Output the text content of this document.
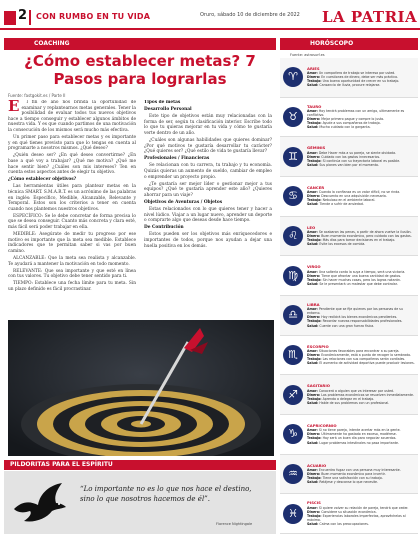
2 CON RUMBO EN TU VIDA	Oruro, sábado 10 de diciembre de 2022 LA PATRIA
COACHING	HORÓSCOPO
¿Cómo establecer metas? 7 Pasos para lograrlas
Fuente: fastgokit.es / Parte II
E	l fin de año nos brinda la oportunidad de examinar y replantearnos metas generales. Tener la posibilidad de evaluar todos tus nuevos objetivos hace a tiempo conseguir y establecer algunos ámbitos de nuestra vida. Y es que cuando partimos de una motivación la consecución de los mismos será mucho más efectiva.

Un primer paso para establecer metas y es importante y en qué tienes previsto para que lo tengas en cuenta al programarte a nosotros mismos. ¿Qué deseo?

¿Quién deseo ser? ¿En qué deseo convertirme? ¿En base a qué voy a trabajar? ¿Qué me motiva? ¿Qué me hace sentir bien? ¿Cuáles son mis intereses? Ten en cuenta estos aspectos antes de elegir tu objetivo.

¿Cómo establecer objetivos?

Las herramientas útiles para plantear metas en la técnica SMART. S.M.A.R.T. es un acrónimo de las palabras en inglés: Específico, Medible, Alcanzable, Relevante y Temporal. Estos son los criterios a tener en cuenta cuando nos plantemos nuestros objetivos.

ESPECÍFICO: Se le debe concretar de forma precisa lo que se desea conseguir. Cuanto más concreta y clara esté, más fácil será poder trabajar en ella.

MEDIBLE: Asegúrate de medir tu progreso por ese motivo es importante que la meta sea medible. Establece indicadores que te permitan saber si vas por buen camino.

ALCANZABLE: Que la meta sea realista y alcanzable. Te ayudará a mantener la motivación en todo momento.

RELEVANTE: Que sea importante y que esté en línea con tus valores. Tu objetivo debe tener sentido para ti.

TIEMPO: Establece una fecha límite para tu meta. Sin un plazo definido es fácil procrastinar.

Tipos de metas

Desarrollo Personal

Este tipo de objetivos están muy relacionadas con la forma de ser, según tu clasificación interior. Escribe todo lo que tu quieras mejorar en tu vida y cómo te gustaría verte dentro de un año.

¿Cuáles son algunas habilidades que quieres dominar? ¿Por qué motivos te gustaría desarrollar tu carácter? ¿Qué quieres ser? ¿Qué estilo de vida te gustaría llevar?

Profesionales / Financieras

Se relacionan con tu carrera, tu trabajo y tu economía. Quizás quieras un aumento de sueldo, cambiar de empleo o emprender un proyecto propio.

¿Te gustaría ser mejor líder o gestionar mejor a tus equipos? ¿Qué te gustaría aprender este año? ¿Quieres ahorrar para un viaje?

Objetivos de Aventuras / Objetos

Estas relacionados con lo que quieres tener y hacer a nivel lúdico. Viajar a un lugar nuevo, aprender un deporte o comprarte algo que deseas desde hace tiempo.

De Contribución

Estos pueden ser los objetivos más enriquecedores e importantes de todos, porque nos ayudan a dejar una huella positiva en los demás.

PILDORITAS PARA EL ESPÍRITU
“Lo importante no es lo que nos hace el destino, sino lo que nosotros hacemos de él”.
Florence Nightingale
Fuente: astrosurf.es
♈
ARIES
Amor: Un compañero de trabajo se interesa por usted.
Dinero: En cuestiones de dinero, debe ser más práctico.
Trabajo: Una buena oportunidad de crecer en su trabajo.
Salud: Cansancio de lluvia, procure relajarse.
♉
TAURO
Amor: Hoy tendrá problemas con un amigo, ultimamente es conflictivo.
Dinero: Mejor primero pague y compre lo justo.
Trabajo: Ayude a sus compañeros de trabajo.
Salud: Mucho cuidado con la garganta.
♊
GÉMINIS
Amor: Debe Hacer más a su pareja, se siente olvidada.
Dinero: Cuidado con los gastos innecesarios.
Trabajo: Si continúa con su trayectoria laboral es posible.
Salud: Sus planes van bien por el momento.
♋
CÁNCER
Amor: Cuando la confianza es un valor difícil, no se rinda.
Dinero: Descuento en una adquisición necesaria.
Trabajo: Nebuloso en el ambiente laboral.
Salud: Tiende a sufrir de ansiedad.
♌
LEO
Amor: Se acabaron las penas, a partir de ahora vuelve la ilusión.
Dinero: Buen momento económico, pero cuidado con los gastos.
Trabajo: Más días para tomar decisiones en el trabajo.
Salud: Evite los excesos de comida.
♍
VIRGO
Amor: Una soltería conta la suya a tiempo, será una victoria.
Dinero: Tiene que afrontar una buena cantidad de gastos.
Trabajo: Sin hacer muchas cosas, pero los logros notarán.
Salud: Se le presentará un malestar que debe controlar.
♎
LIBRA
Amor: Pendiente que se fije quienes por las personas de su entorno.
Dinero: Hoy recibirá los bienes económicos pendientes.
Trabajo: Recordar nuevas responsabilidades profesionales.
Salud: Cuente con una gran fuerza física.
♏
ESCORPIO
Amor: Situaciones favorables para encontrar a su pareja.
Dinero: Económicamente, está a punto de recoger lo sembrado.
Trabajo: Las relaciones con sus compañeros serán cordiales.
Salud: El aumento de actividad deportiva puede producir lesiones.
♐
SAGITARIO
Amor: Conocerá a alguien que va interesar por usted.
Dinero: Los problemas económicos se resuelven inmediatamente.
Trabajo: Aprenda a delegar en el trabajo.
Salud: Hable de sus problemas con un profesional.
♑
CAPRICORNIO
Amor: Si no tiene pareja, intente acertar más en la gente.
Dinero: Últimamente ha gastado en exceso, modérese.
Trabajo: Hoy será un buen día para negociar acuerdos.
Salud: Lugar problemas intestinales no pasa importante.
♒
ACUARIO
Amor: Encuentro fugaz con una persona muy interesante.
Dinero: Buen momento económico para invertir.
Trabajo: Tiene una satisfacción con su trabajo.
Salud: Relájese y descanse lo que necesite.
♓
PISCIS
Amor: Si quiere volver su relación de pareja, tendrá que ceder.
Dinero: Considere su situación económica.
Trabajo: Experiencias laborales imperfectas, aprovéchelas al máximo.
Salud: Calma con las preocupaciones.
